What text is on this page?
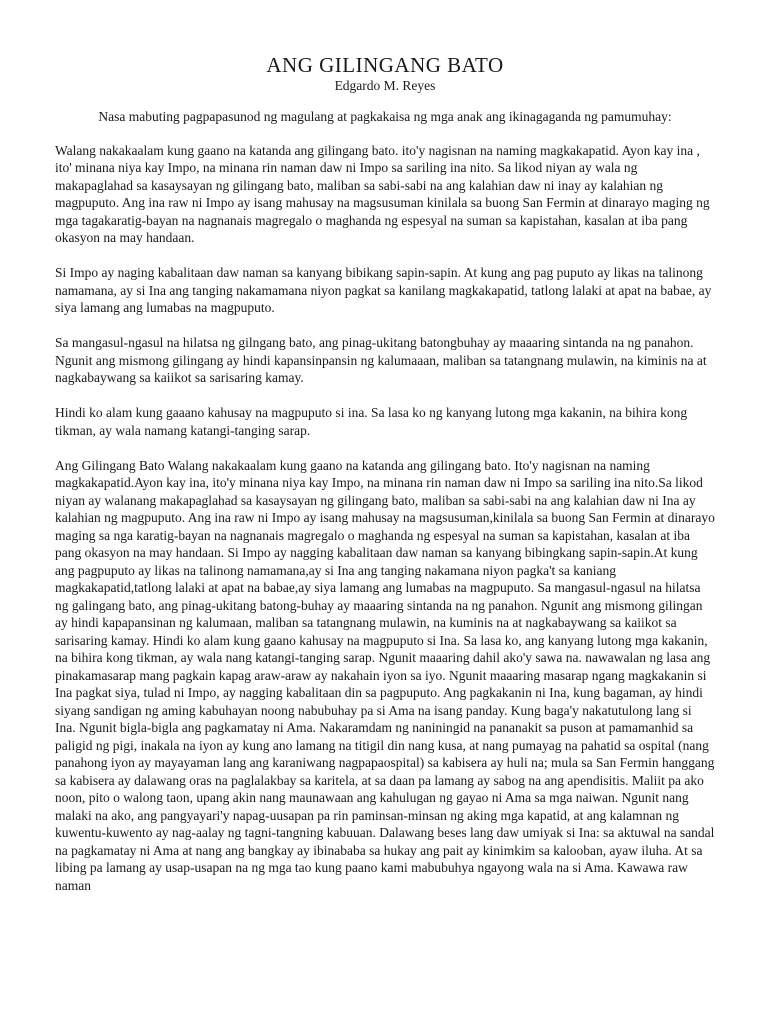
ANG GILINGANG BATO
Edgardo M. Reyes
Nasa mabuting pagpapasunod ng magulang at pagkakaisa ng mga anak ang ikinagaganda ng pamumuhay:

Walang nakakaalam kung gaano na katanda ang gilingang bato. ito'y nagisnan na naming magkakapatid. Ayon kay ina , ito' minana niya kay Impo, na minana rin naman daw ni Impo sa sariling ina nito. Sa likod niyan ay wala ng makapaglahad sa kasaysayan ng gilingang bato, maliban sa sabi-sabi na ang kalahian daw ni inay ay kalahian ng magpuputo. Ang ina raw ni Impo ay isang mahusay na magsusuman kinilala sa buong San Fermin at dinarayo maging ng mga tagakaratig-bayan na nagnanais magregalo o maghanda ng espesyal na suman sa kapistahan, kasalan at iba pang okasyon na may handaan.

Si Impo ay naging kabalitaan daw naman sa kanyang bibikang sapin-sapin. At kung ang pag puputo ay likas na talinong namamana, ay si Ina ang tanging nakamamana niyon pagkat sa kanilang magkakapatid, tatlong lalaki at apat na babae, ay siya lamang ang lumabas na magpuputo.

Sa mangasul-ngasul na hilatsa ng gilngang bato, ang pinag-ukitang batongbuhay ay maaaring sintanda na ng panahon. Ngunit ang mismong gilingang ay hindi kapansinpansin ng kalumaaan, maliban sa tatangnang mulawin, na kiminis na at nagkabaywang sa kaiikot sa sarisaring kamay.

Hindi ko alam kung gaaano kahusay na magpuputo si ina. Sa lasa ko ng kanyang lutong mga kakanin, na bihira kong tikman, ay wala namang katangi-tanging sarap.

Ang Gilingang Bato Walang nakakaalam kung gaano na katanda ang gilingang bato. Ito'y nagisnan na naming magkakapatid.Ayon kay ina, ito'y minana niya kay Impo, na minana rin naman daw ni Impo sa sariling ina nito.Sa likod niyan ay walanang makapaglahad sa kasaysayan ng gilingang bato, maliban sa sabi-sabi na ang kalahian daw ni Ina ay kalahian ng magpuputo. Ang ina raw ni Impo ay isang mahusay na magsusuman,kinilala sa buong San Fermin at dinarayo maging sa nga karatig-bayan na nagnanais magregalo o maghanda ng espesyal na suman sa kapistahan, kasalan at iba pang okasyon na may handaan. Si Impo ay nagging kabalitaan daw naman sa kanyang bibingkang sapin-sapin.At kung ang pagpuputo ay likas na talinong namamana,ay si Ina ang tanging nakamana niyon pagka't sa kaniang magkakapatid,tatlong lalaki at apat na babae,ay siya lamang ang lumabas na magpuputo. Sa mangasul-ngasul na hilatsa ng galingang bato, ang pinag-ukitang batong-buhay ay maaaring sintanda na ng panahon. Ngunit ang mismong gilingan ay hindi kapapansinan ng kalumaan, maliban sa tatangnang mulawin, na kuminis na at nagkabaywang sa kaiikot sa sarisaring kamay. Hindi ko alam kung gaano kahusay na magpuputo si Ina. Sa lasa ko, ang kanyang lutong mga kakanin, na bihira kong tikman, ay wala nang katangi-tanging sarap. Ngunit maaaring dahil ako'y sawa na. nawawalan ng lasa ang pinakamasarap mang pagkain kapag araw-araw ay nakahain iyon sa iyo. Ngunit maaaring masarap ngang magkakanin si Ina pagkat siya, tulad ni Impo, ay nagging kabalitaan din sa pagpuputo. Ang pagkakanin ni Ina, kung bagaman, ay hindi siyang sandigan ng aming kabuhayan noong nabubuhay pa si Ama na isang panday. Kung baga'y nakatutulong lang si Ina. Ngunit bigla-bigla ang pagkamatay ni Ama. Nakaramdam ng naniningid na pananakit sa puson at pamamanhid sa paligid ng pigi, inakala na iyon ay kung ano lamang na titigil din nang kusa, at nang pumayag na pahatid sa ospital (nang panahong iyon ay mayayaman lang ang karaniwang nagpapaospital) sa kabisera ay huli na; mula sa San Fermin hanggang sa kabisera ay dalawang oras na paglalakbay sa karitela, at sa daan pa lamang ay sabog na ang apendisitis. Maliit pa ako noon, pito o walong taon, upang akin nang maunawaan ang kahulugan ng gayao ni Ama sa mga naiwan. Ngunit nang malaki na ako, ang pangyayari'y napag-uusapan pa rin paminsan-minsan ng aking mga kapatid, at ang kalamnan ng kuwentu-kuwento ay nag-aalay ng tagni-tangning kabuuan. Dalawang beses lang daw umiyak si Ina: sa aktuwal na sandal na pagkamatay ni Ama at nang ang bangkay ay ibinababa sa hukay ang pait ay kinimkim sa kalooban, ayaw iluha. At sa libing pa lamang ay usap-usapan na ng mga tao kung paano kami mabubuhya ngayong wala na si Ama. Kawawa raw naman
